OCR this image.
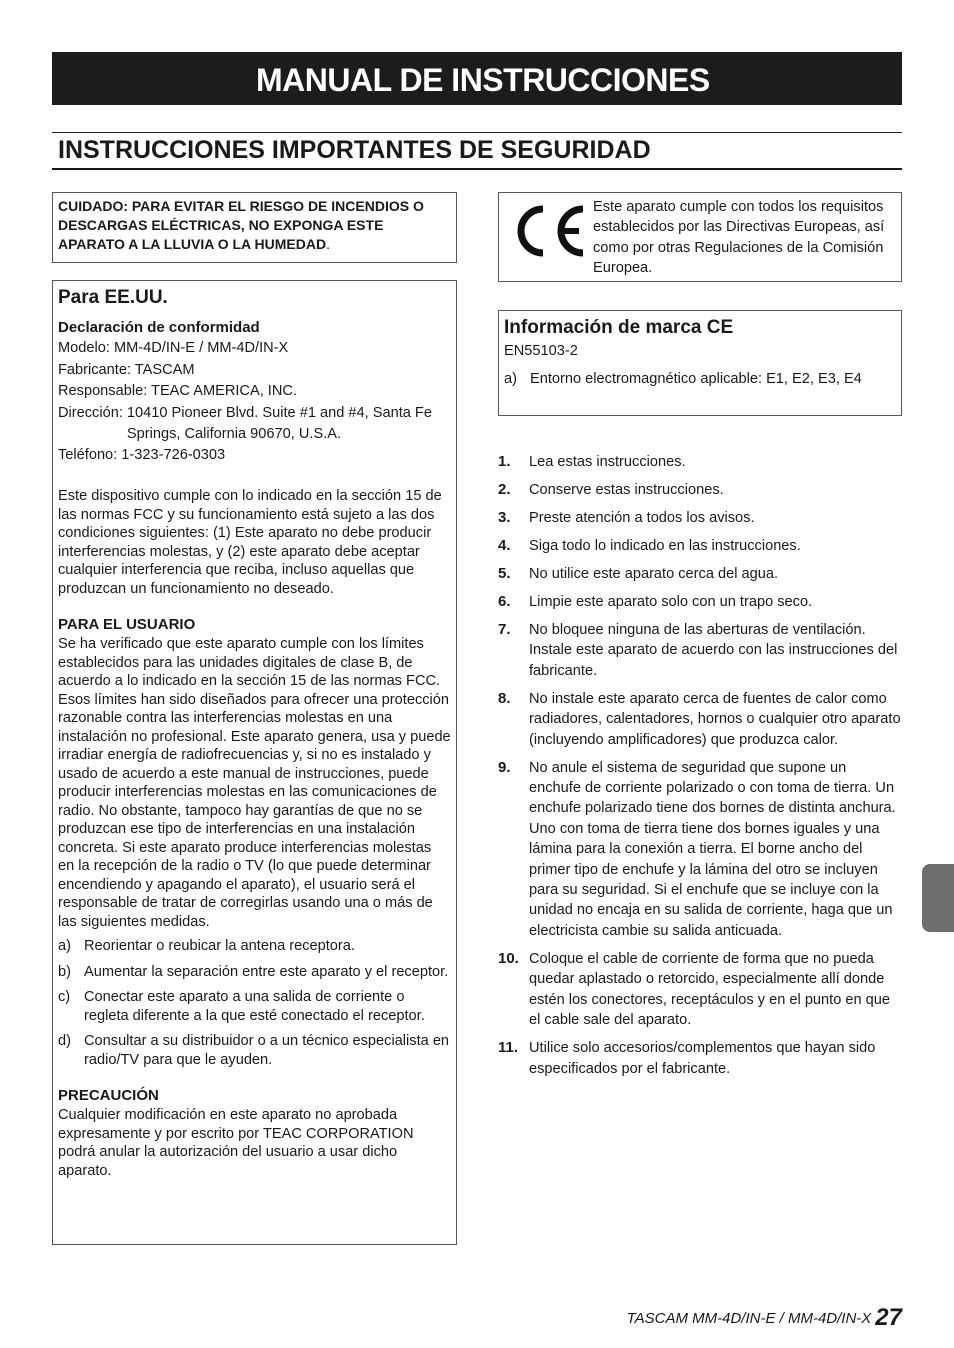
MANUAL DE INSTRUCCIONES
INSTRUCCIONES IMPORTANTES DE SEGURIDAD
CUIDADO: PARA EVITAR EL RIESGO DE INCENDIOS O DESCARGAS ELÉCTRICAS, NO EXPONGA ESTE APARATO A LA LLUVIA O LA HUMEDAD.
Para EE.UU.
Declaración de conformidad

Modelo: MM-4D/IN-E / MM-4D/IN-X

Fabricante: TASCAM

Responsable: TEAC AMERICA, INC.

Dirección: 10410 Pioneer Blvd. Suite #1 and #4, Santa Fe
Springs, California 90670, U.S.A.

Teléfono: 1-323-726-0303

Este dispositivo cumple con lo indicado en la sección 15 de las normas FCC y su funcionamiento está sujeto a las dos condiciones siguientes: (1) Este aparato no debe producir interferencias molestas, y (2) este aparato debe aceptar cualquier interferencia que reciba, incluso aquellas que produzcan un funcionamiento no deseado.

PARA EL USUARIO

Se ha verificado que este aparato cumple con los límites establecidos para las unidades digitales de clase B, de acuerdo a lo indicado en la sección 15 de las normas FCC. Esos límites han sido diseñados para ofrecer una protección razonable contra las interferencias molestas en una instalación no profesional. Este aparato genera, usa y puede irradiar energía de radiofrecuencias y, si no es instalado y usado de acuerdo a este manual de instrucciones, puede producir interferencias molestas en las comunicaciones de radio. No obstante, tampoco hay garantías de que no se produzcan ese tipo de interferencias en una instalación concreta. Si este aparato produce interferencias molestas en la recepción de la radio o TV (lo que puede determinar encendiendo y apagando el aparato), el usuario será el responsable de tratar de corregirlas usando una o más de las siguientes medidas.

a) Reorientar o reubicar la antena receptora.
b) Aumentar la separación entre este aparato y el receptor.
c) Conectar este aparato a una salida de corriente o regleta diferente a la que esté conectado el receptor.
d) Consultar a su distribuidor o a un técnico especialista en radio/TV para que le ayuden.
PRECAUCIÓN

Cualquier modificación en este aparato no aprobada expresamente y por escrito por TEAC CORPORATION podrá anular la autorización del usuario a usar dicho aparato.

Este aparato cumple con todos los requisitos establecidos por las Directivas Europeas, así como por otras Regulaciones de la Comisión Europea.
Información de marca CE

EN55103-2

a) Entorno electromagnético aplicable: E1, E2, E3, E4
1.	Lea estas instrucciones.
2.	Conserve estas instrucciones.
3.	Preste atención a todos los avisos.
4.	Siga todo lo indicado en las instrucciones.
5.	No utilice este aparato cerca del agua.
6.	Limpie este aparato solo con un trapo seco.
7.	No bloquee ninguna de las aberturas de ventilación. Instale este aparato de acuerdo con las instrucciones del fabricante.
8.	No instale este aparato cerca de fuentes de calor como radiadores, calentadores, hornos o cualquier otro aparato (incluyendo amplificadores) que produzca calor.
9.	No anule el sistema de seguridad que supone un enchufe de corriente polarizado o con toma de tierra. Un enchufe polarizado tiene dos bornes de distinta anchura. Uno con toma de tierra tiene dos bornes iguales y una lámina para la conexión a tierra. El borne ancho del primer tipo de enchufe y la lámina del otro se incluyen para su seguridad. Si el enchufe que se incluye con la unidad no encaja en su salida de corriente, haga que un electricista cambie su salida anticuada.
10. Coloque el cable de corriente de forma que no pueda quedar aplastado o retorcido, especialmente allí donde estén los conectores, receptáculos y en el punto en que el cable sale del aparato.
11. Utilice solo accesorios/complementos que hayan sido especificados por el fabricante.
TASCAM MM-4D/IN-E / MM-4D/IN-X 27
